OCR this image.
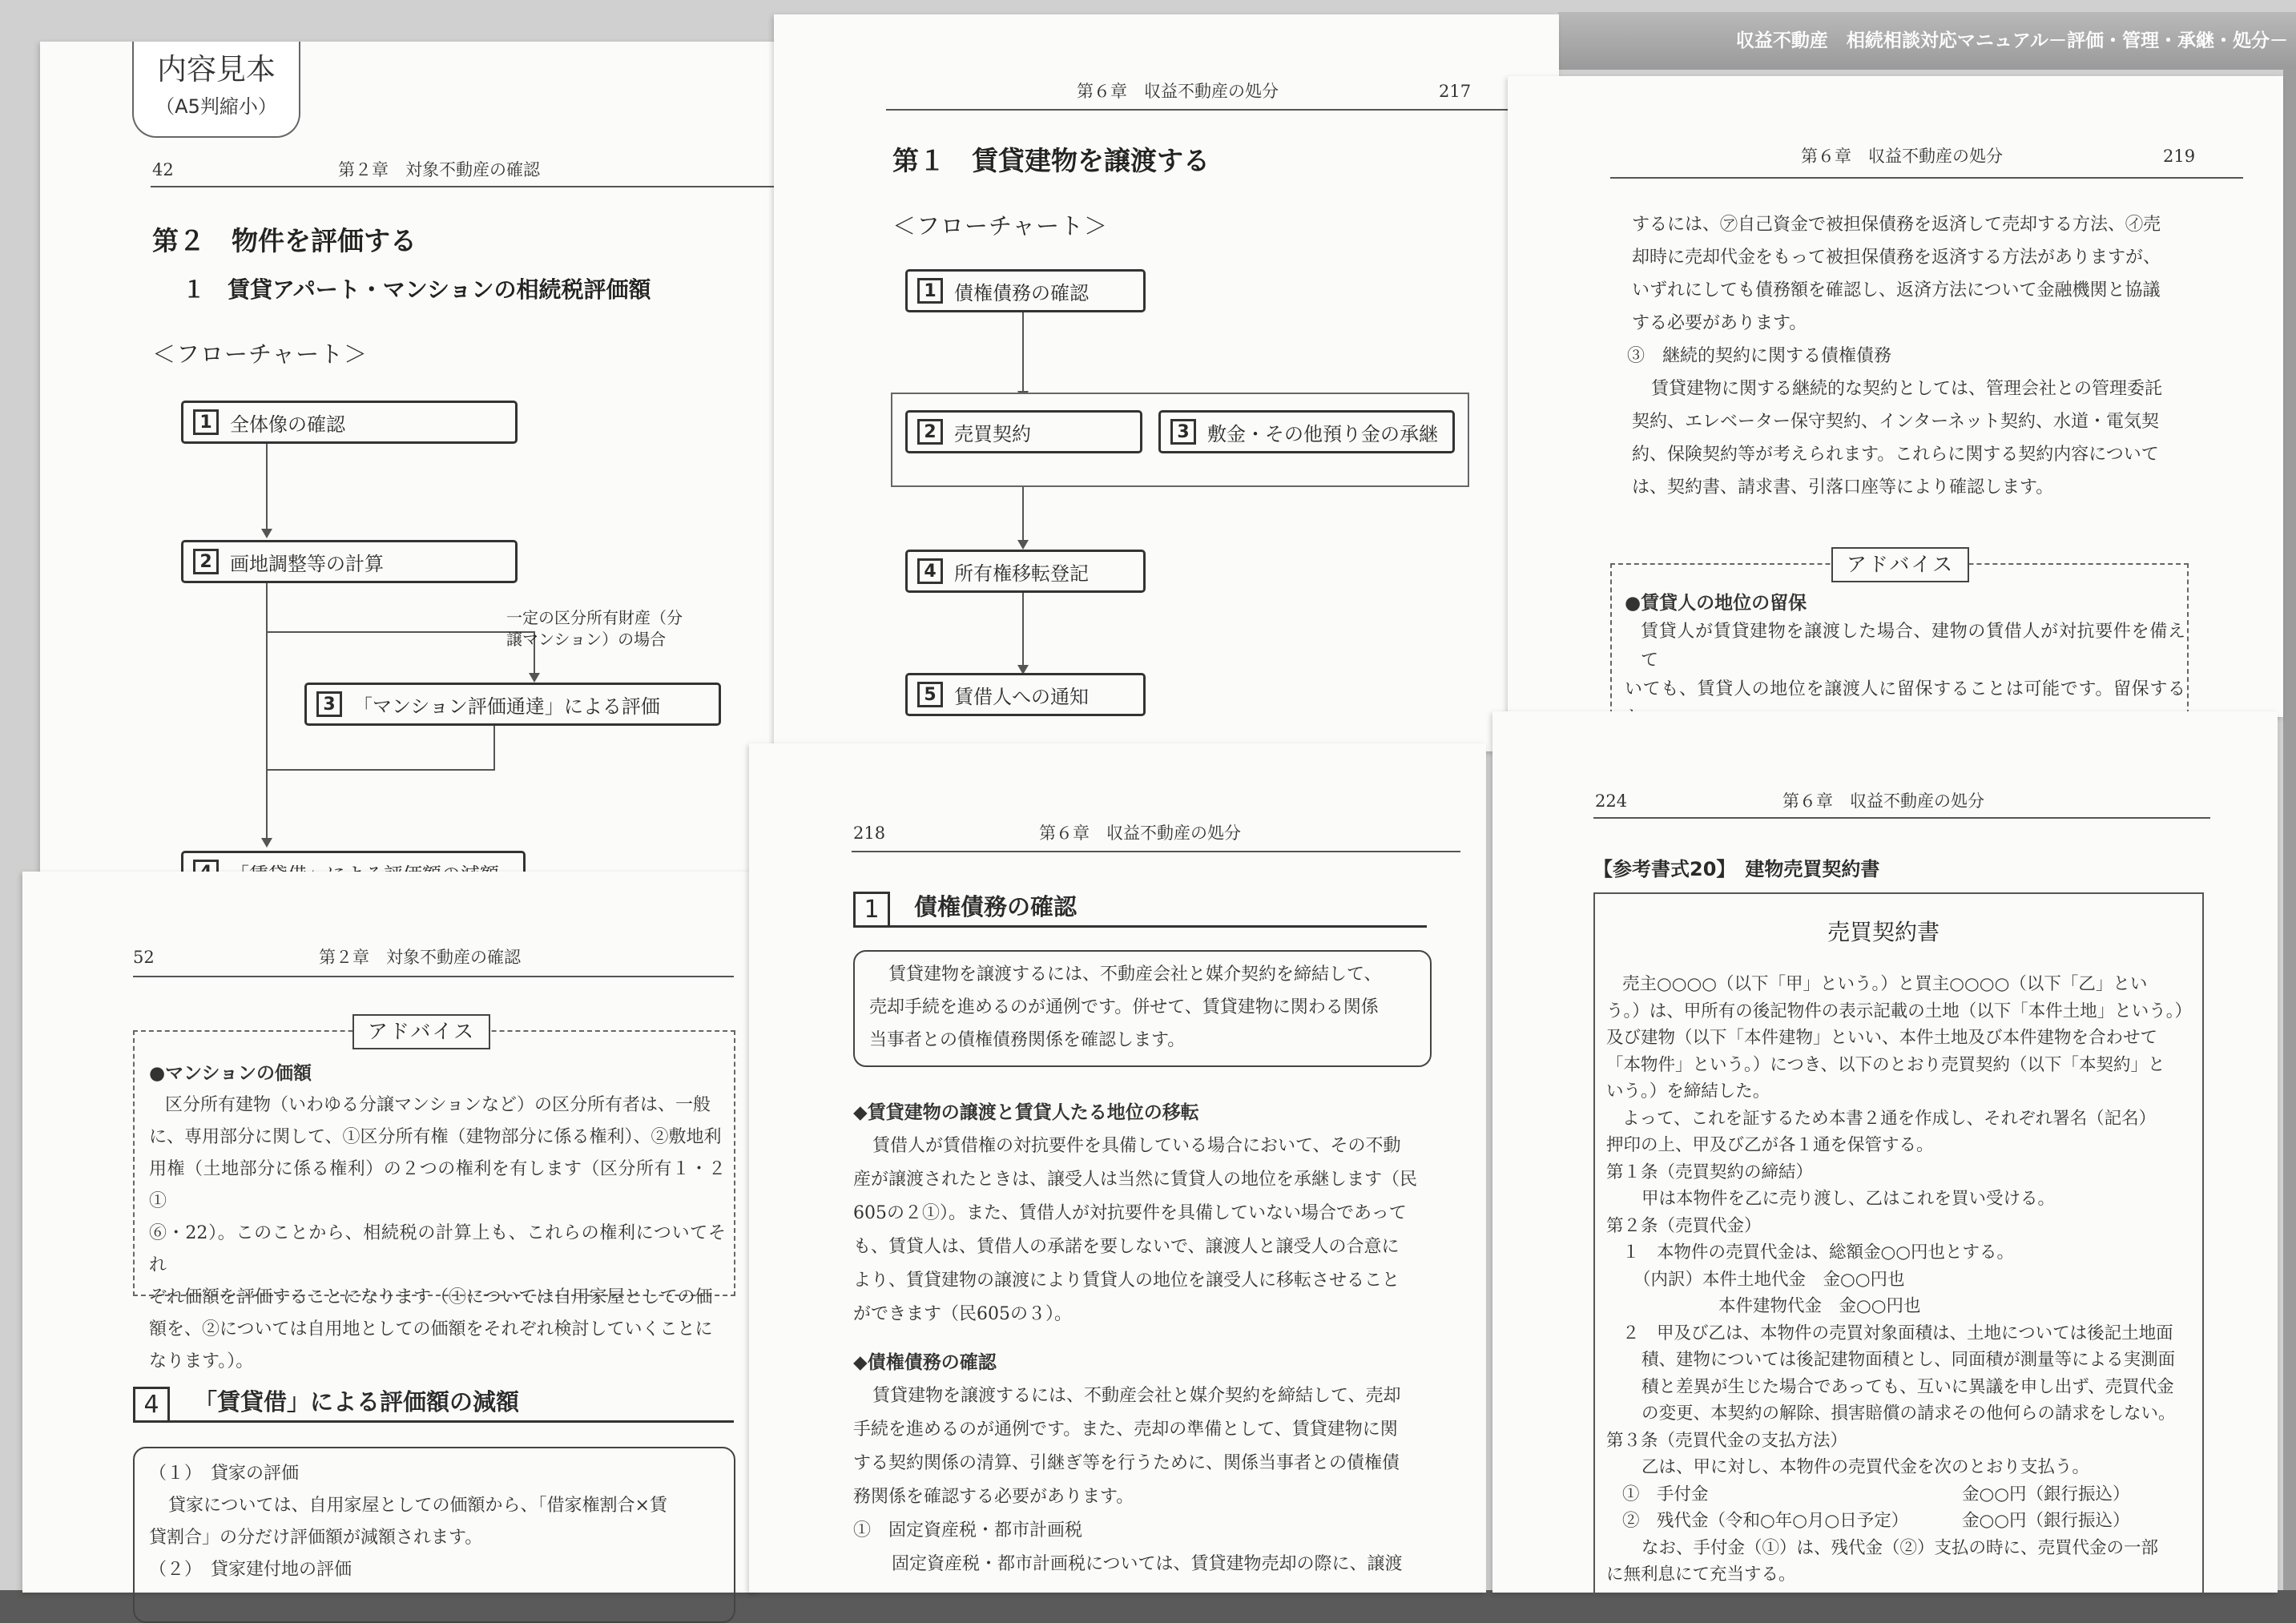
収益不動産　相続相談対応マニュアル－評価・管理・承継・処分－
42	第２章　対象不動産の確認
第２　物件を評価する
１　賃貸アパート・マンションの相続税評価額
＜フローチャート＞
1 全体像の確認
2 画地調整等の計算
一定の区分所有財産（分
譲マンション）の場合
3 「マンション評価通達」による評価
内容見本
（A5判縮小）
第６章　収益不動産の処分	217
第１　賃貸建物を譲渡する
＜フローチャート＞
1 債権債務の確認
2 売買契約	3 敷金・その他預り金の承継
4 所有権移転登記
5 賃借人への通知
第６章　収益不動産の処分	219
するには、㋐自己資金で被担保債務を返済して売却する方法、㋑売
却時に売却代金をもって被担保債務を返済する方法がありますが、
いずれにしても債務額を確認し、返済方法について金融機関と協議
する必要があります。
③　継続的契約に関する債権債務
賃貸建物に関する継続的な契約としては、管理会社との管理委託
契約、エレベーター保守契約、インターネット契約、水道・電気契
約、保険契約等が考えられます。これらに関する契約内容について
は、契約書、請求書、引落口座等により確認します。
アドバイス
●賃貸人の地位の留保
賃貸人が賃貸建物を譲渡した場合、建物の賃借人が対抗要件を備えて
いても、賃貸人の地位を譲渡人に留保することは可能です。留保する
52	第２章　対象不動産の確認
アドバイス
●マンションの価額
区分所有建物（いわゆる分譲マンションなど）の区分所有者は、一般
に、専用部分に関して、①区分所有権（建物部分に係る権利）、②敷地利
用権（土地部分に係る権利）の２つの権利を有します（区分所有１・２①
⑥・22）。このことから、相続税の計算上も、これらの権利についてそれ
ぞれ価額を評価することになります（①については自用家屋としての価
額を、②については自用地としての価額をそれぞれ検討していくことに
なります。）。
4	「賃貸借」による評価額の減額
（１）　貸家の評価
貸家については、自用家屋としての価額から、「借家権割合×賃
貸割合」の分だけ評価額が減額されます。
（２）　貸家建付地の評価
218	第６章　収益不動産の処分
1	債権債務の確認
賃貸建物を譲渡するには、不動産会社と媒介契約を締結して、
売却手続を進めるのが通例です。併せて、賃貸建物に関わる関係
当事者との債権債務関係を確認します。
◆賃貸建物の譲渡と賃貸人たる地位の移転
賃借人が賃借権の対抗要件を具備している場合において、その不動
産が譲渡されたときは、譲受人は当然に賃貸人の地位を承継します（民
605の２①）。また、賃借人が対抗要件を具備していない場合であって
も、賃貸人は、賃借人の承諾を要しないで、譲渡人と譲受人の合意に
より、賃貸建物の譲渡により賃貸人の地位を譲受人に移転させること
ができます（民605の３）。
◆債権債務の確認
賃貸建物を譲渡するには、不動産会社と媒介契約を締結して、売却
手続を進めるのが通例です。また、売却の準備として、賃貸建物に関
する契約関係の清算、引継ぎ等を行うために、関係当事者との債権債
務関係を確認する必要があります。
①　固定資産税・都市計画税
固定資産税・都市計画税については、賃貸建物売却の際に、譲渡
224	第６章　収益不動産の処分
【参考書式20】　建物売買契約書
売買契約書
売主○○○○（以下「甲」という。）と買主○○○○（以下「乙」とい
う。）は、甲所有の後記物件の表示記載の土地（以下「本件土地」という。）
及び建物（以下「本件建物」といい、本件土地及び本件建物を合わせて
「本物件」という。）につき、以下のとおり売買契約（以下「本契約」と
いう。）を締結した。
よって、これを証するため本書２通を作成し、それぞれ署名（記名）
押印の上、甲及び乙が各１通を保管する。
第１条（売買契約の締結）
甲は本物件を乙に売り渡し、乙はこれを買い受ける。
第２条（売買代金）
１　本物件の売買代金は、総額金○○円也とする。
（内訳）本件土地代金　金○○円也
本件建物代金　金○○円也
２　甲及び乙は、本物件の売買対象面積は、土地については後記土地面
積、建物については後記建物面積とし、同面積が測量等による実測面
積と差異が生じた場合であっても、互いに異議を申し出ず、売買代金
の変更、本契約の解除、損害賠償の請求その他何らの請求をしない。
第３条（売買代金の支払方法）
乙は、甲に対し、本物件の売買代金を次のとおり支払う。
①　手付金	金○○円（銀行振込）
②　残代金（令和○年○月○日予定）	金○○円（銀行振込）
なお、手付金（①）は、残代金（②）支払の時に、売買代金の一部
に無利息にて充当する。
